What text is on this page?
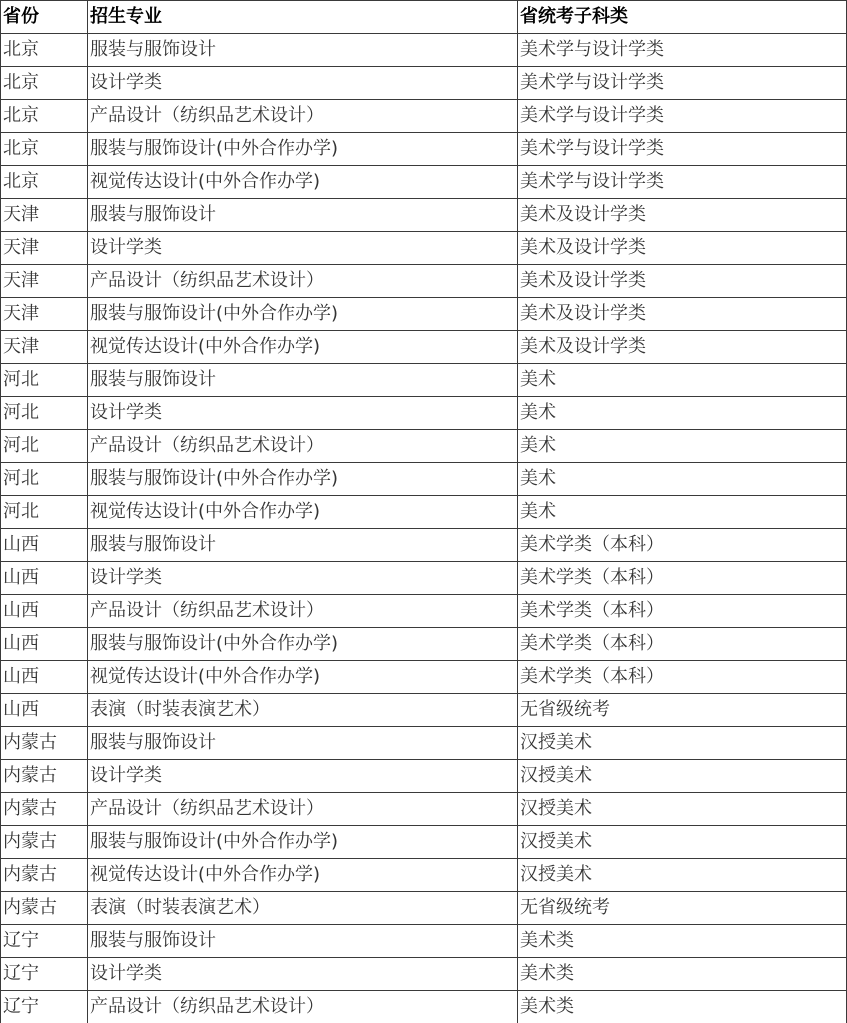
省份	招生专业	省统考子科类
北京	服装与服饰设计	美术学与设计学类
北京	设计学类	美术学与设计学类
北京	产品设计（纺织品艺术设计）	美术学与设计学类
北京	服装与服饰设计(中外合作办学)	美术学与设计学类
北京	视觉传达设计(中外合作办学)	美术学与设计学类
天津	服装与服饰设计	美术及设计学类
天津	设计学类	美术及设计学类
天津	产品设计（纺织品艺术设计）	美术及设计学类
天津	服装与服饰设计(中外合作办学)	美术及设计学类
天津	视觉传达设计(中外合作办学)	美术及设计学类
河北	服装与服饰设计	美术
河北	设计学类	美术
河北	产品设计（纺织品艺术设计）	美术
河北	服装与服饰设计(中外合作办学)	美术
河北	视觉传达设计(中外合作办学)	美术
山西	服装与服饰设计	美术学类（本科）
山西	设计学类	美术学类（本科）
山西	产品设计（纺织品艺术设计）	美术学类（本科）
山西	服装与服饰设计(中外合作办学)	美术学类（本科）
山西	视觉传达设计(中外合作办学)	美术学类（本科）
山西	表演（时装表演艺术）	无省级统考
内蒙古	服装与服饰设计	汉授美术
内蒙古	设计学类	汉授美术
内蒙古	产品设计（纺织品艺术设计）	汉授美术
内蒙古	服装与服饰设计(中外合作办学)	汉授美术
内蒙古	视觉传达设计(中外合作办学)	汉授美术
内蒙古	表演（时装表演艺术）	无省级统考
辽宁	服装与服饰设计	美术类
辽宁	设计学类	美术类
辽宁	产品设计（纺织品艺术设计）	美术类
